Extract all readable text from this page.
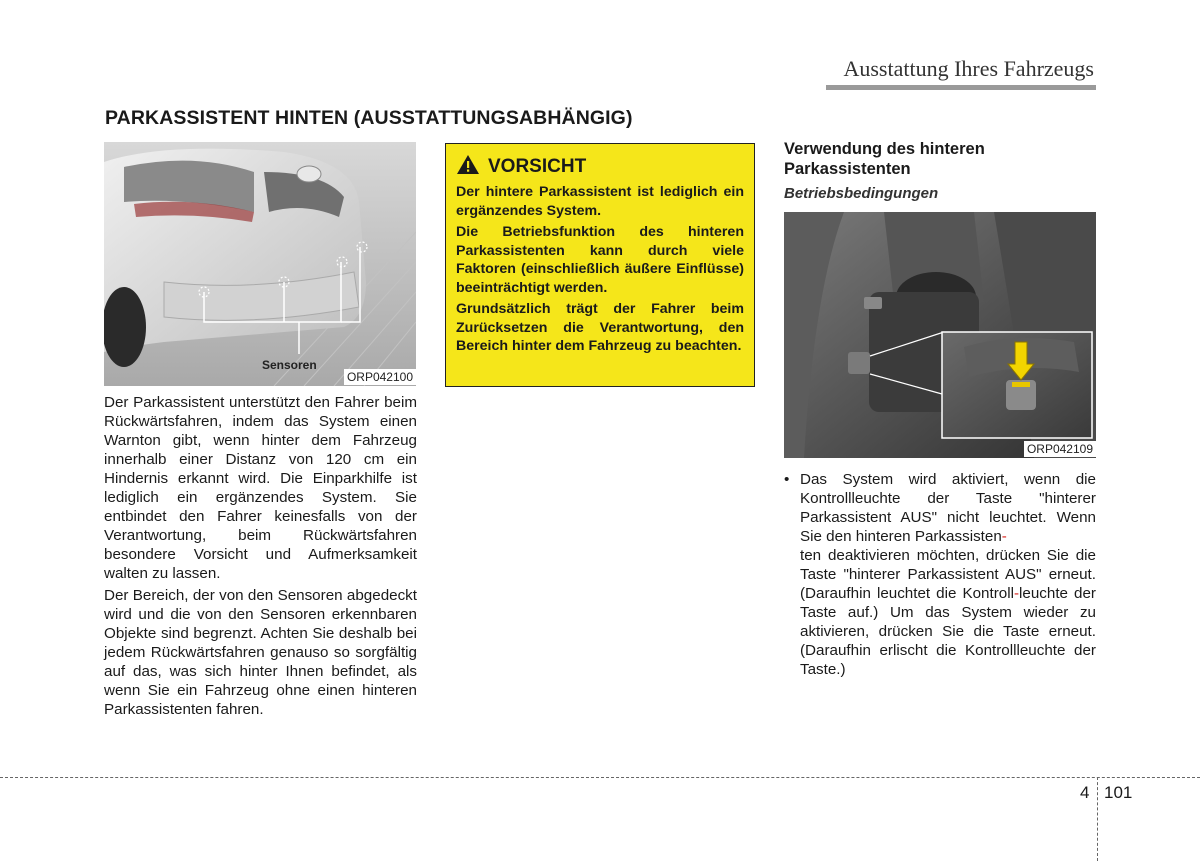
Ausstattung Ihres Fahrzeugs
PARKASSISTENT HINTEN (AUSSTATTUNGSABHÄNGIG)
Sensoren
ORP042100

Der Parkassistent unterstützt den Fahrer beim Rückwärtsfahren, indem das System einen Warnton gibt, wenn hinter dem Fahrzeug innerhalb einer Distanz von 120 cm ein Hindernis erkannt wird. Die Einparkhilfe ist lediglich ein ergänzendes System. Sie entbindet den Fahrer keinesfalls von der Verantwortung, beim Rückwärtsfahren besondere Vorsicht und Aufmerksamkeit walten zu lassen.

Der Bereich, der von den Sensoren abgedeckt wird und die von den Sensoren erkennbaren Objekte sind begrenzt. Achten Sie deshalb bei jedem Rückwärtsfahren genauso so sorgfältig auf das, was sich hinter Ihnen befindet, als wenn Sie ein Fahrzeug ohne einen hinteren Parkassistenten fahren.

VORSICHT

Der hintere Parkassistent ist lediglich ein ergänzendes System.

Die Betriebsfunktion des hinteren Parkassistenten kann durch viele Faktoren (einschließlich äußere Einflüsse) beeinträchtigt werden.

Grundsätzlich trägt der Fahrer beim Zurücksetzen die Verantwortung, den Bereich hinter dem Fahrzeug zu beachten.

Verwendung des hinteren Parkassistenten
Betriebsbedingungen
ORP042109
• Das System wird aktiviert, wenn die Kontrollleuchte der Taste "hinterer Parkassistent AUS" nicht leuchtet. Wenn Sie den hinteren Parkassisten-
ten deaktivieren möchten, drücken Sie die Taste "hinterer Parkassistent AUS" erneut. (Daraufhin leuchtet die Kontroll-leuchte der Taste auf.) Um das System wieder zu aktivieren, drücken Sie die Taste erneut. (Daraufhin erlischt die Kontrollleuchte der Taste.)
4 101
